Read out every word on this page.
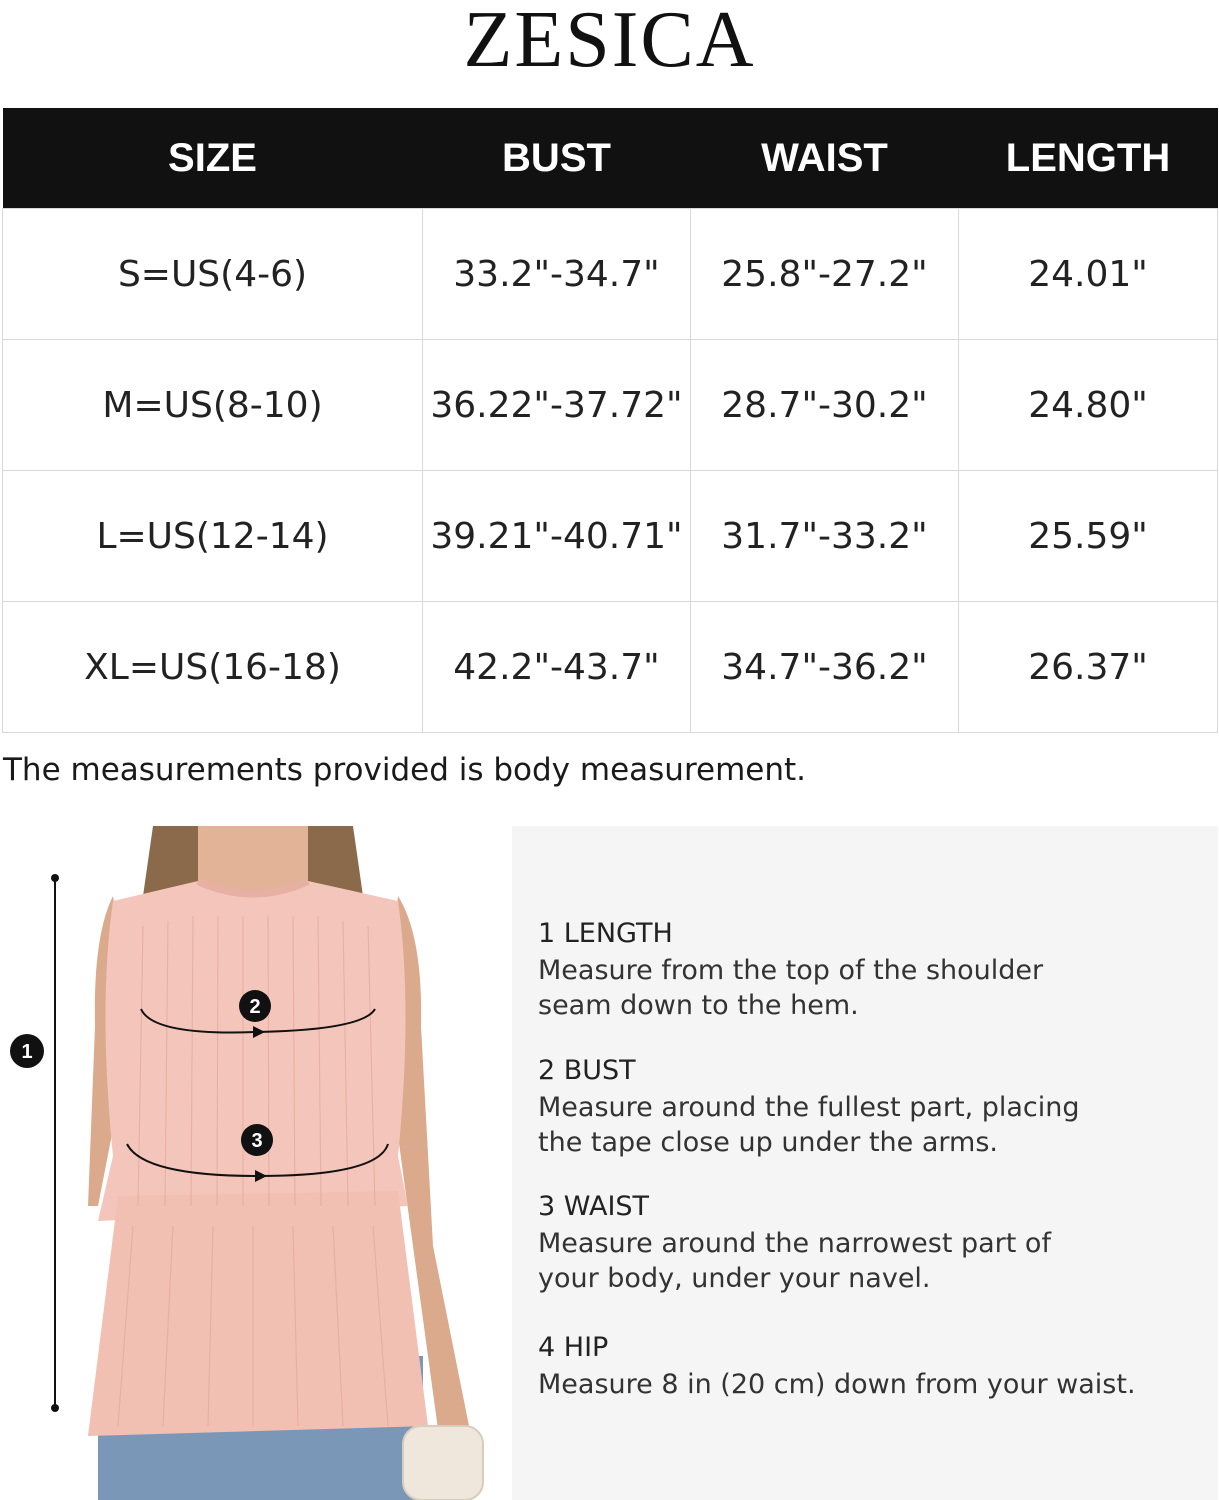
ZESICA
SIZE	BUST	WAIST	LENGTH
S=US(4-6)	33.2"-34.7"	25.8"-27.2"	24.01"
M=US(8-10)	36.22"-37.72"	28.7"-30.2"	24.80"
L=US(12-14)	39.21"-40.71"	31.7"-33.2"	25.59"
XL=US(16-18)	42.2"-43.7"	34.7"-36.2"	26.37"

The measurements provided is body measurement.

1
2
3

1 LENGTH

Measure from the top of the shoulder

seam down to the hem.

2 BUST

Measure around the fullest part, placing

the tape close up under the arms.

3 WAIST

Measure around the narrowest part of

your body, under your navel.

4 HIP

Measure 8 in (20 cm) down from your waist.
